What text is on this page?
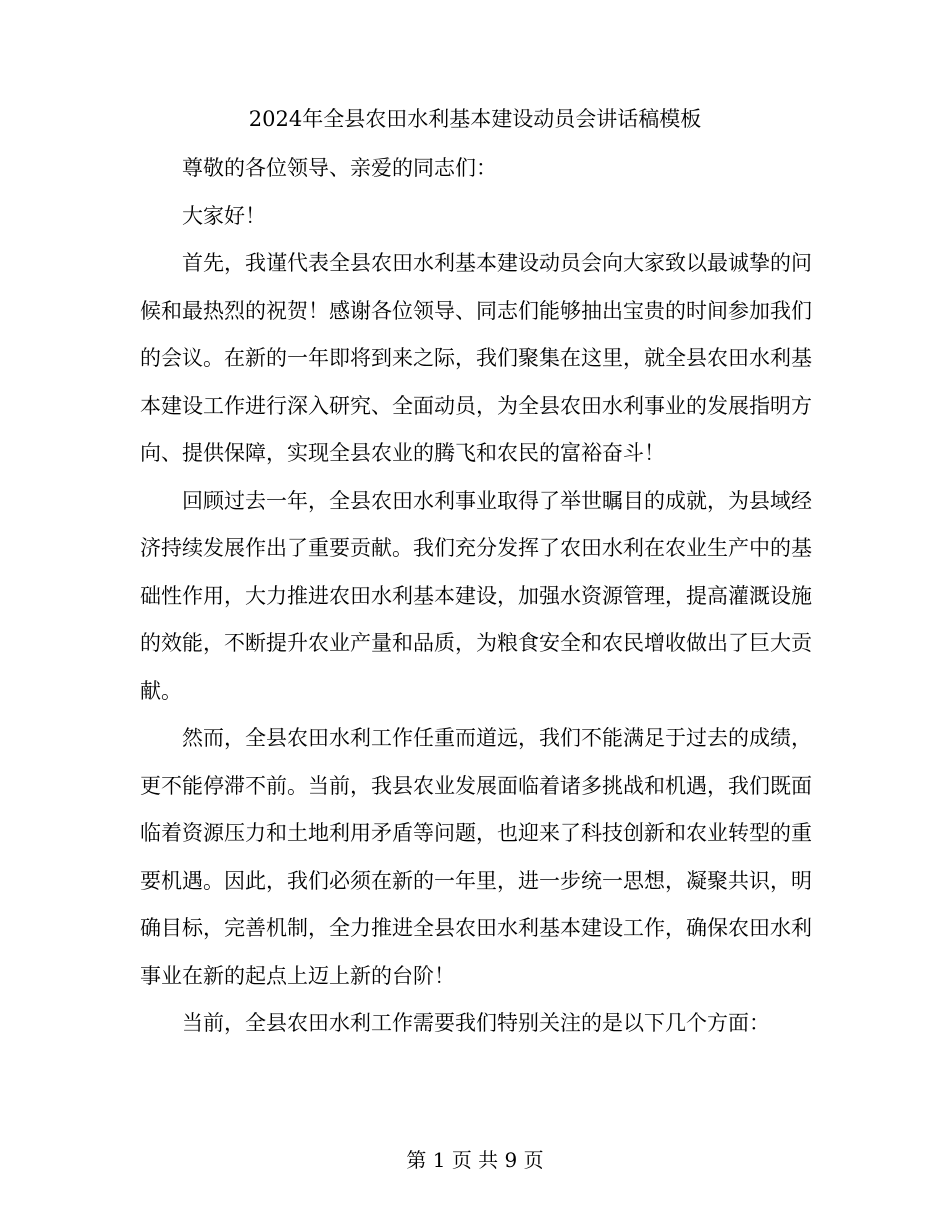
2024年全县农田水利基本建设动员会讲话稿模板

尊敬的各位领导、亲爱的同志们：

大家好！

首先，我谨代表全县农田水利基本建设动员会向大家致以最诚挚的问候和最热烈的祝贺！感谢各位领导、同志们能够抽出宝贵的时间参加我们的会议。在新的一年即将到来之际，我们聚集在这里，就全县农田水利基本建设工作进行深入研究、全面动员，为全县农田水利事业的发展指明方向、提供保障，实现全县农业的腾飞和农民的富裕奋斗！

回顾过去一年，全县农田水利事业取得了举世瞩目的成就，为县域经济持续发展作出了重要贡献。我们充分发挥了农田水利在农业生产中的基础性作用，大力推进农田水利基本建设，加强水资源管理，提高灌溉设施的效能，不断提升农业产量和品质，为粮食安全和农民增收做出了巨大贡献。

然而，全县农田水利工作任重而道远，我们不能满足于过去的成绩，更不能停滞不前。当前，我县农业发展面临着诸多挑战和机遇，我们既面临着资源压力和土地利用矛盾等问题，也迎来了科技创新和农业转型的重要机遇。因此，我们必须在新的一年里，进一步统一思想，凝聚共识，明确目标，完善机制，全力推进全县农田水利基本建设工作，确保农田水利事业在新的起点上迈上新的台阶！

当前，全县农田水利工作需要我们特别关注的是以下几个方面：

第 1 页 共 9 页
